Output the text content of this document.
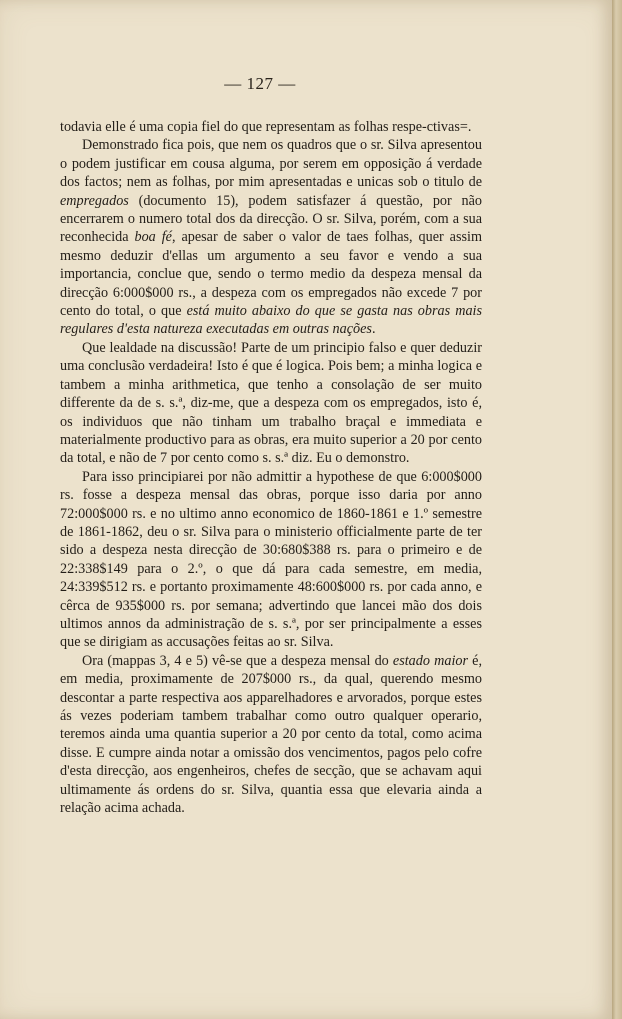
— 127 —

todavia elle é uma copia fiel do que representam as folhas respe-ctivas=.

Demonstrado fica pois, que nem os quadros que o sr. Silva apresentou o podem justificar em cousa alguma, por serem em opposição á verdade dos factos; nem as folhas, por mim apresentadas e unicas sob o titulo de empregados (documento 15), podem satisfazer á questão, por não encerrarem o numero total dos da direcção. O sr. Silva, porém, com a sua reconhecida boa fé, apesar de saber o valor de taes folhas, quer assim mesmo deduzir d'ellas um argumento a seu favor e vendo a sua importancia, conclue que, sendo o termo medio da despeza mensal da direcção 6:000$000 rs., a despeza com os empregados não excede 7 por cento do total, o que está muito abaixo do que se gasta nas obras mais regulares d'esta natureza executadas em outras nações.

Que lealdade na discussão! Parte de um principio falso e quer deduzir uma conclusão verdadeira! Isto é que é logica. Pois bem; a minha logica e tambem a minha arithmetica, que tenho a consolação de ser muito differente da de s. s.ª, diz-me, que a despeza com os empregados, isto é, os individuos que não tinham um trabalho braçal e immediata e materialmente productivo para as obras, era muito superior a 20 por cento da total, e não de 7 por cento como s. s.ª diz. Eu o demonstro.

Para isso principiarei por não admittir a hypothese de que 6:000$000 rs. fosse a despeza mensal das obras, porque isso daria por anno 72:000$000 rs. e no ultimo anno economico de 1860-1861 e 1.º semestre de 1861-1862, deu o sr. Silva para o ministerio officialmente parte de ter sido a despeza nesta direcção de 30:680$388 rs. para o primeiro e de 22:338$149 para o 2.º, o que dá para cada semestre, em media, 24:339$512 rs. e portanto proximamente 48:600$000 rs. por cada anno, e cêrca de 935$000 rs. por semana; advertindo que lancei mão dos dois ultimos annos da administração de s. s.ª, por ser principalmente a esses que se dirigiam as accusações feitas ao sr. Silva.

Ora (mappas 3, 4 e 5) vê-se que a despeza mensal do estado maior é, em media, proximamente de 207$000 rs., da qual, querendo mesmo descontar a parte respectiva aos apparelhadores e arvorados, porque estes ás vezes poderiam tambem trabalhar como outro qualquer operario, teremos ainda uma quantia superior a 20 por cento da total, como acima disse. E cumpre ainda notar a omissão dos vencimentos, pagos pelo cofre d'esta direcção, aos engenheiros, chefes de secção, que se achavam aqui ultimamente ás ordens do sr. Silva, quantia essa que elevaria ainda a relação acima achada.
